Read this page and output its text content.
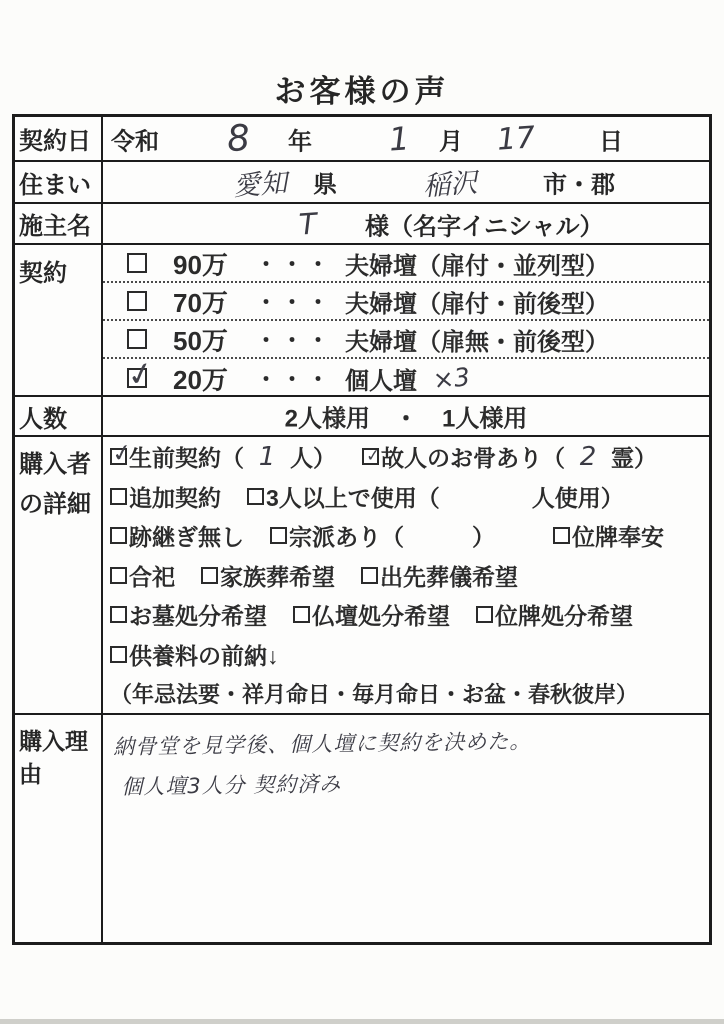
お客様の声
契約日 令和 8 年 1 月 17	日
住まい	愛知 県	稲沢	市・郡
施主名	T 様（名字イニシャル）
契約	90万	・・・ 夫婦壇（扉付・並列型）
70万	・・・ 夫婦壇（扉付・前後型）
50万	・・・ 夫婦壇（扉無・前後型）
✓
20万	・・・ 個人壇 ×3
人数	2人様用　・　1人様用
購入者
の詳細
✓
生前契約（ 1 人） ✓ 故人のお骨あり（ 2 霊）
追加契約 3人以上で使用（	人使用）
跡継ぎ無し 宗派あり（	）	位牌奉安
合祀 家族葬希望 出先葬儀希望
お墓処分希望 仏壇処分希望 位牌処分希望
供養料の前納↓
（年忌法要・祥月命日・毎月命日・お盆・春秋彼岸）
購入理由
納骨堂を見学後、個人壇に契約を決めた。
個人壇3人分 契約済み
